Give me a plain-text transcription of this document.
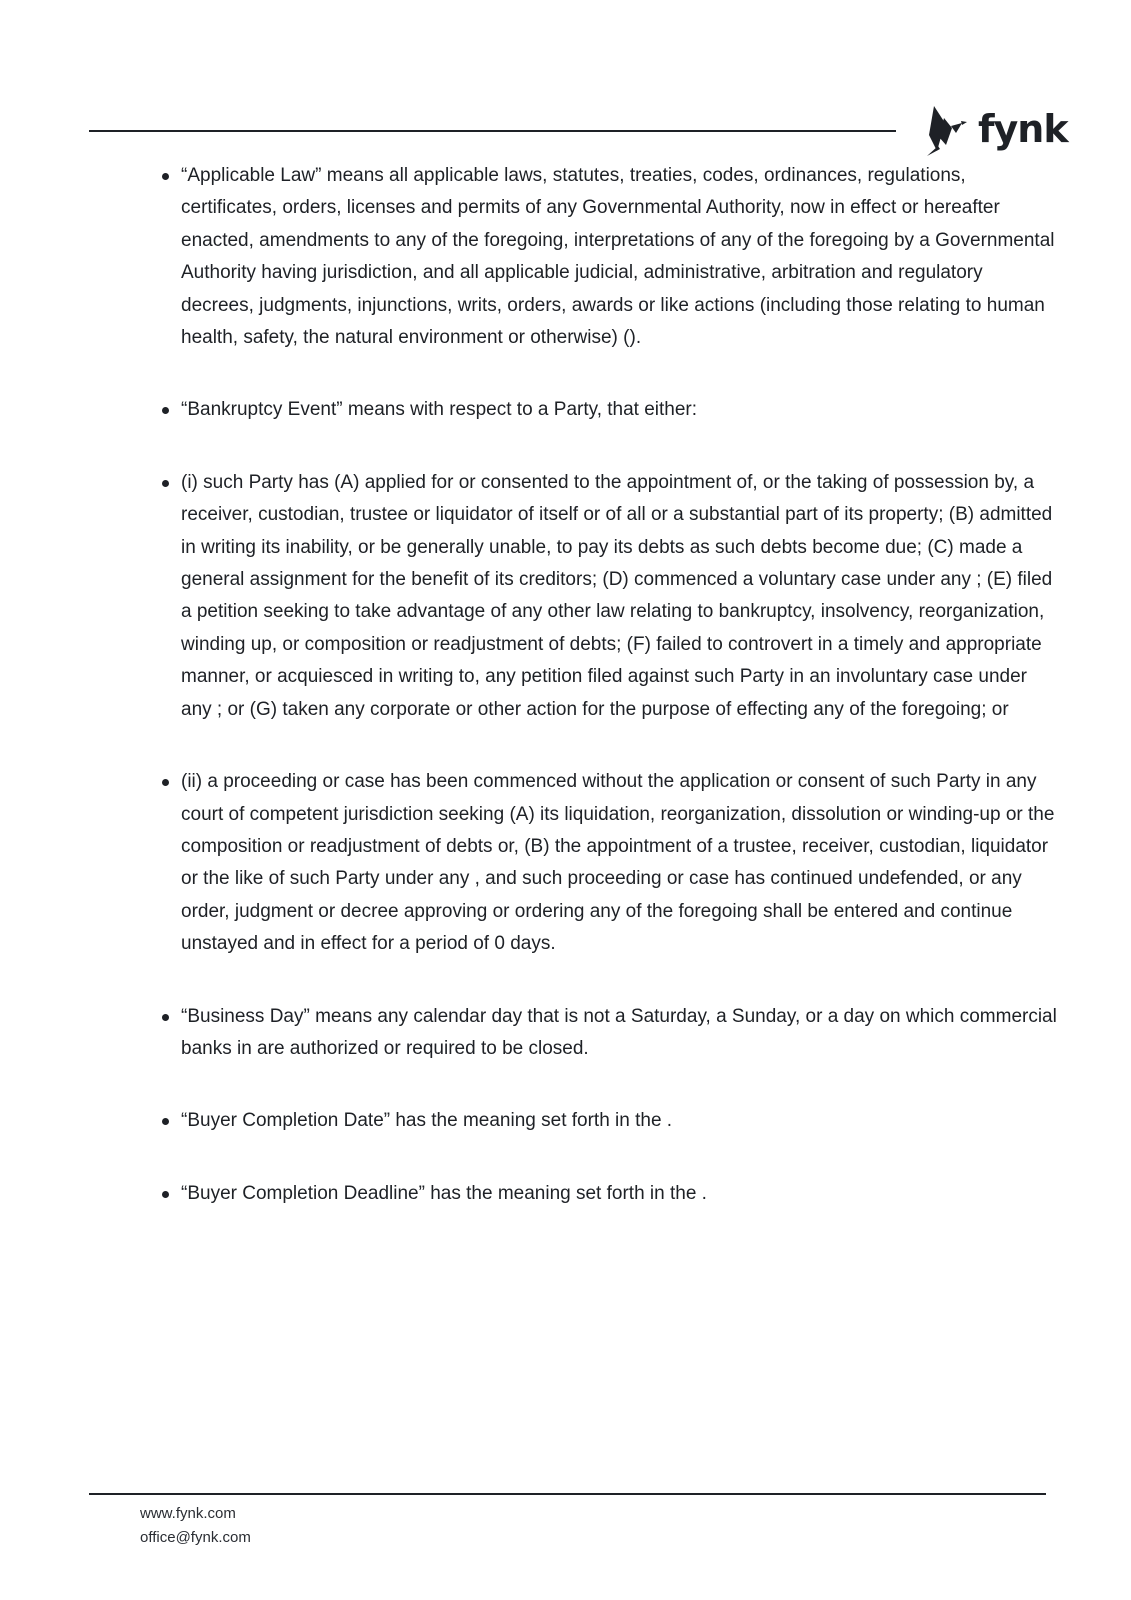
fynk
“Applicable Law” means all applicable laws, statutes, treaties, codes, ordinances, regulations, certificates, orders, licenses and permits of any Governmental Authority, now in effect or hereafter enacted, amendments to any of the foregoing, interpretations of any of the foregoing by a Governmental Authority having jurisdiction, and all applicable judicial, administrative, arbitration and regulatory decrees, judgments, injunctions, writs, orders, awards or like actions (including those relating to human health, safety, the natural environment or otherwise) ().
“Bankruptcy Event” means with respect to a Party, that either:
(i) such Party has (A) applied for or consented to the appointment of, or the taking of possession by, a receiver, custodian, trustee or liquidator of itself or of all or a substantial part of its property; (B) admitted in writing its inability, or be generally unable, to pay its debts as such debts become due; (C) made a general assignment for the benefit of its creditors; (D) commenced a voluntary case under any ; (E) filed a petition seeking to take advantage of any other law relating to bankruptcy, insolvency, reorganization, winding up, or composition or readjustment of debts; (F) failed to controvert in a timely and appropriate manner, or acquiesced in writing to, any petition filed against such Party in an involuntary case under any ; or (G) taken any corporate or other action for the purpose of effecting any of the foregoing; or
(ii) a proceeding or case has been commenced without the application or consent of such Party in any court of competent jurisdiction seeking (A) its liquidation, reorganization, dissolution or winding-up or the composition or readjustment of debts or, (B) the appointment of a trustee, receiver, custodian, liquidator or the like of such Party under any , and such proceeding or case has continued undefended, or any order, judgment or decree approving or ordering any of the foregoing shall be entered and continue unstayed and in effect for a period of 0 days.
“Business Day” means any calendar day that is not a Saturday, a Sunday, or a day on which commercial banks in are authorized or required to be closed.
“Buyer Completion Date” has the meaning set forth in the .
“Buyer Completion Deadline” has the meaning set forth in the .
www.fynk.com
office@fynk.com
